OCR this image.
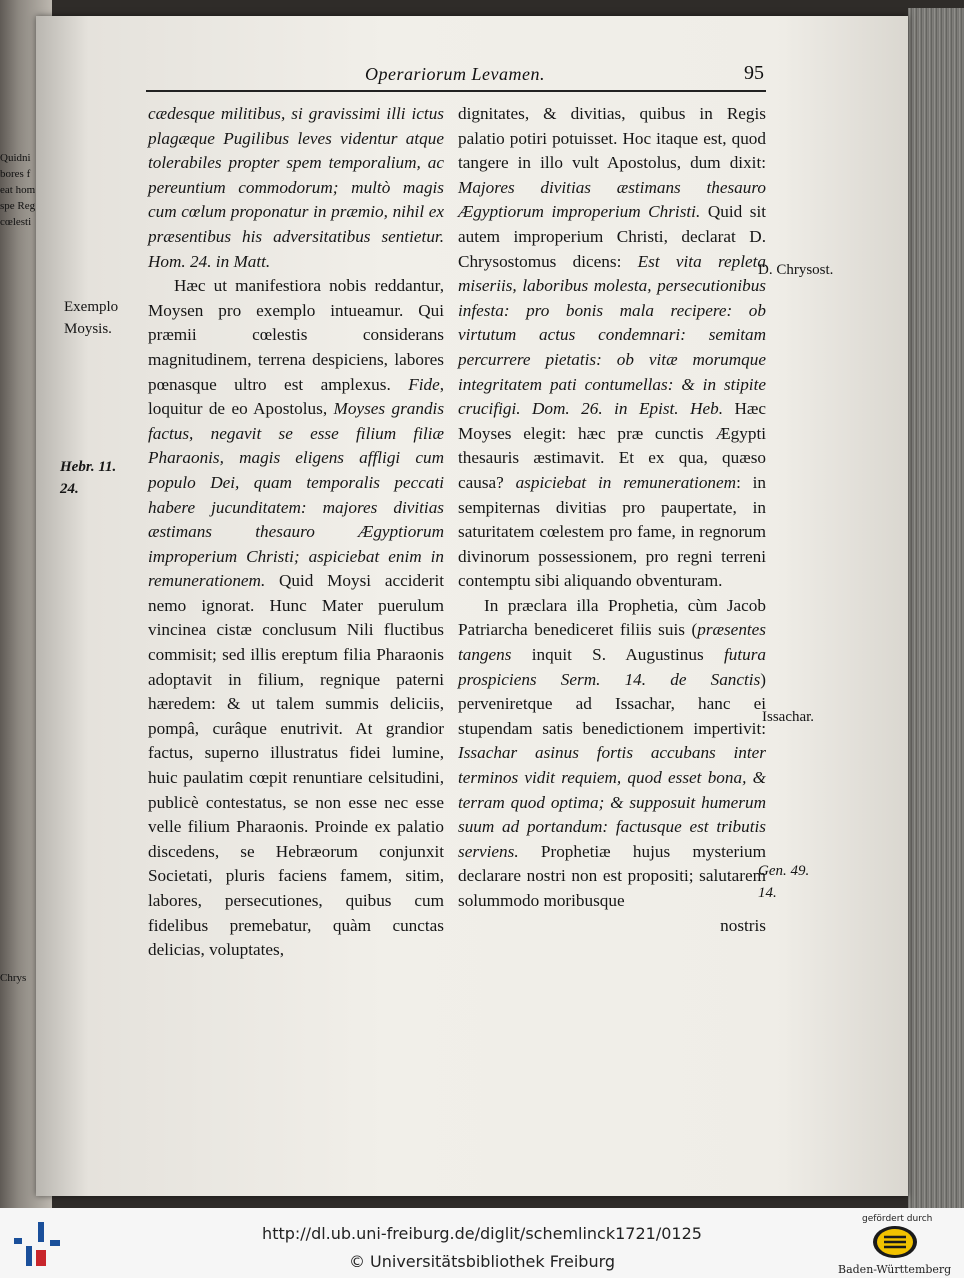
Quidni
bores f
eat hom
spe Reg
cœlesti
Chrys
Operariorum Levamen.	95

cædesque militibus, si gravissimi illi ictus plagæque Pugilibus leves videntur atque tolerabiles propter spem temporalium, ac pereuntium commodorum; multò magis cum cœlum proponatur in præmio, nihil ex præsentibus his adversitatibus sentietur. Hom. 24. in Matt.

Hæc ut manifestiora nobis reddantur, Moysen pro exemplo intueamur. Qui præmii cœlestis considerans magnitudinem, terrena despiciens, labores pœnasque ultro est amplexus. Fide, loquitur de eo Apostolus, Moyses grandis factus, negavit se esse filium filiæ Pharaonis, magis eligens affligi cum populo Dei, quam temporalis peccati habere jucunditatem: majores divitias æstimans thesauro Ægyptiorum improperium Christi; aspiciebat enim in remunerationem. Quid Moysi acciderit nemo ignorat. Hunc Mater puerulum vincinea cistæ conclusum Nili fluctibus commisit; sed illis ereptum filia Pharaonis adoptavit in filium, regnique paterni hæredem: & ut talem summis deliciis, pompâ, curâque enutrivit. At grandior factus, superno illustratus fidei lumine, huic paulatim cœpit renuntiare celsitudini, publicè contestatus, se non esse nec esse velle filium Pharaonis. Proinde ex palatio discedens, se Hebræorum conjunxit Societati, pluris faciens famem, sitim, labores, persecutiones, quibus cum fidelibus premebatur, quàm cunctas delicias, voluptates,

dignitates, & divitias, quibus in Regis palatio potiri potuisset. Hoc itaque est, quod tangere in illo vult Apostolus, dum dixit: Majores divitias æstimans thesauro Ægyptiorum improperium Christi. Quid sit autem improperium Christi, declarat D. Chrysostomus dicens: Est vita repleta miseriis, laboribus molesta, persecutionibus infesta: pro bonis mala recipere: ob virtutum actus condemnari: semitam percurrere pietatis: ob vitæ morumque integritatem pati contumellas: & in stipite crucifigi. Dom. 26. in Epist. Heb. Hæc Moyses elegit: hæc præ cunctis Ægypti thesauris æstimavit. Et ex qua, quæso causa? aspiciebat in remunerationem: in sempiternas divitias pro paupertate, in saturitatem cœlestem pro fame, in regnorum divinorum possessionem, pro regni terreni contemptu sibi aliquando obventuram.

In præclara illa Prophetia, cùm Jacob Patriarcha benediceret filiis suis (præsentes tangens inquit S. Augustinus futura prospiciens Serm. 14. de Sanctis) perveniretque ad Issachar, hanc ei stupendam satis benedictionem impertivit: Issachar asinus fortis accubans inter terminos vidit requiem, quod esset bona, & terram quod optima; & supposuit humerum suum ad portandum: factusque est tributis serviens. Prophetiæ hujus mysterium declarare nostri non est propositi; salutarem solummodo moribusque

nostris

Exemplo Moysis.
Hebr. 11. 24.
D. Chrysost.
Issachar.
Gen. 49. 14.
http://dl.ub.uni-freiburg.de/diglit/schemlinck1721/0125
© Universitätsbibliothek Freiburg
gefördert durch
Baden-Württemberg
